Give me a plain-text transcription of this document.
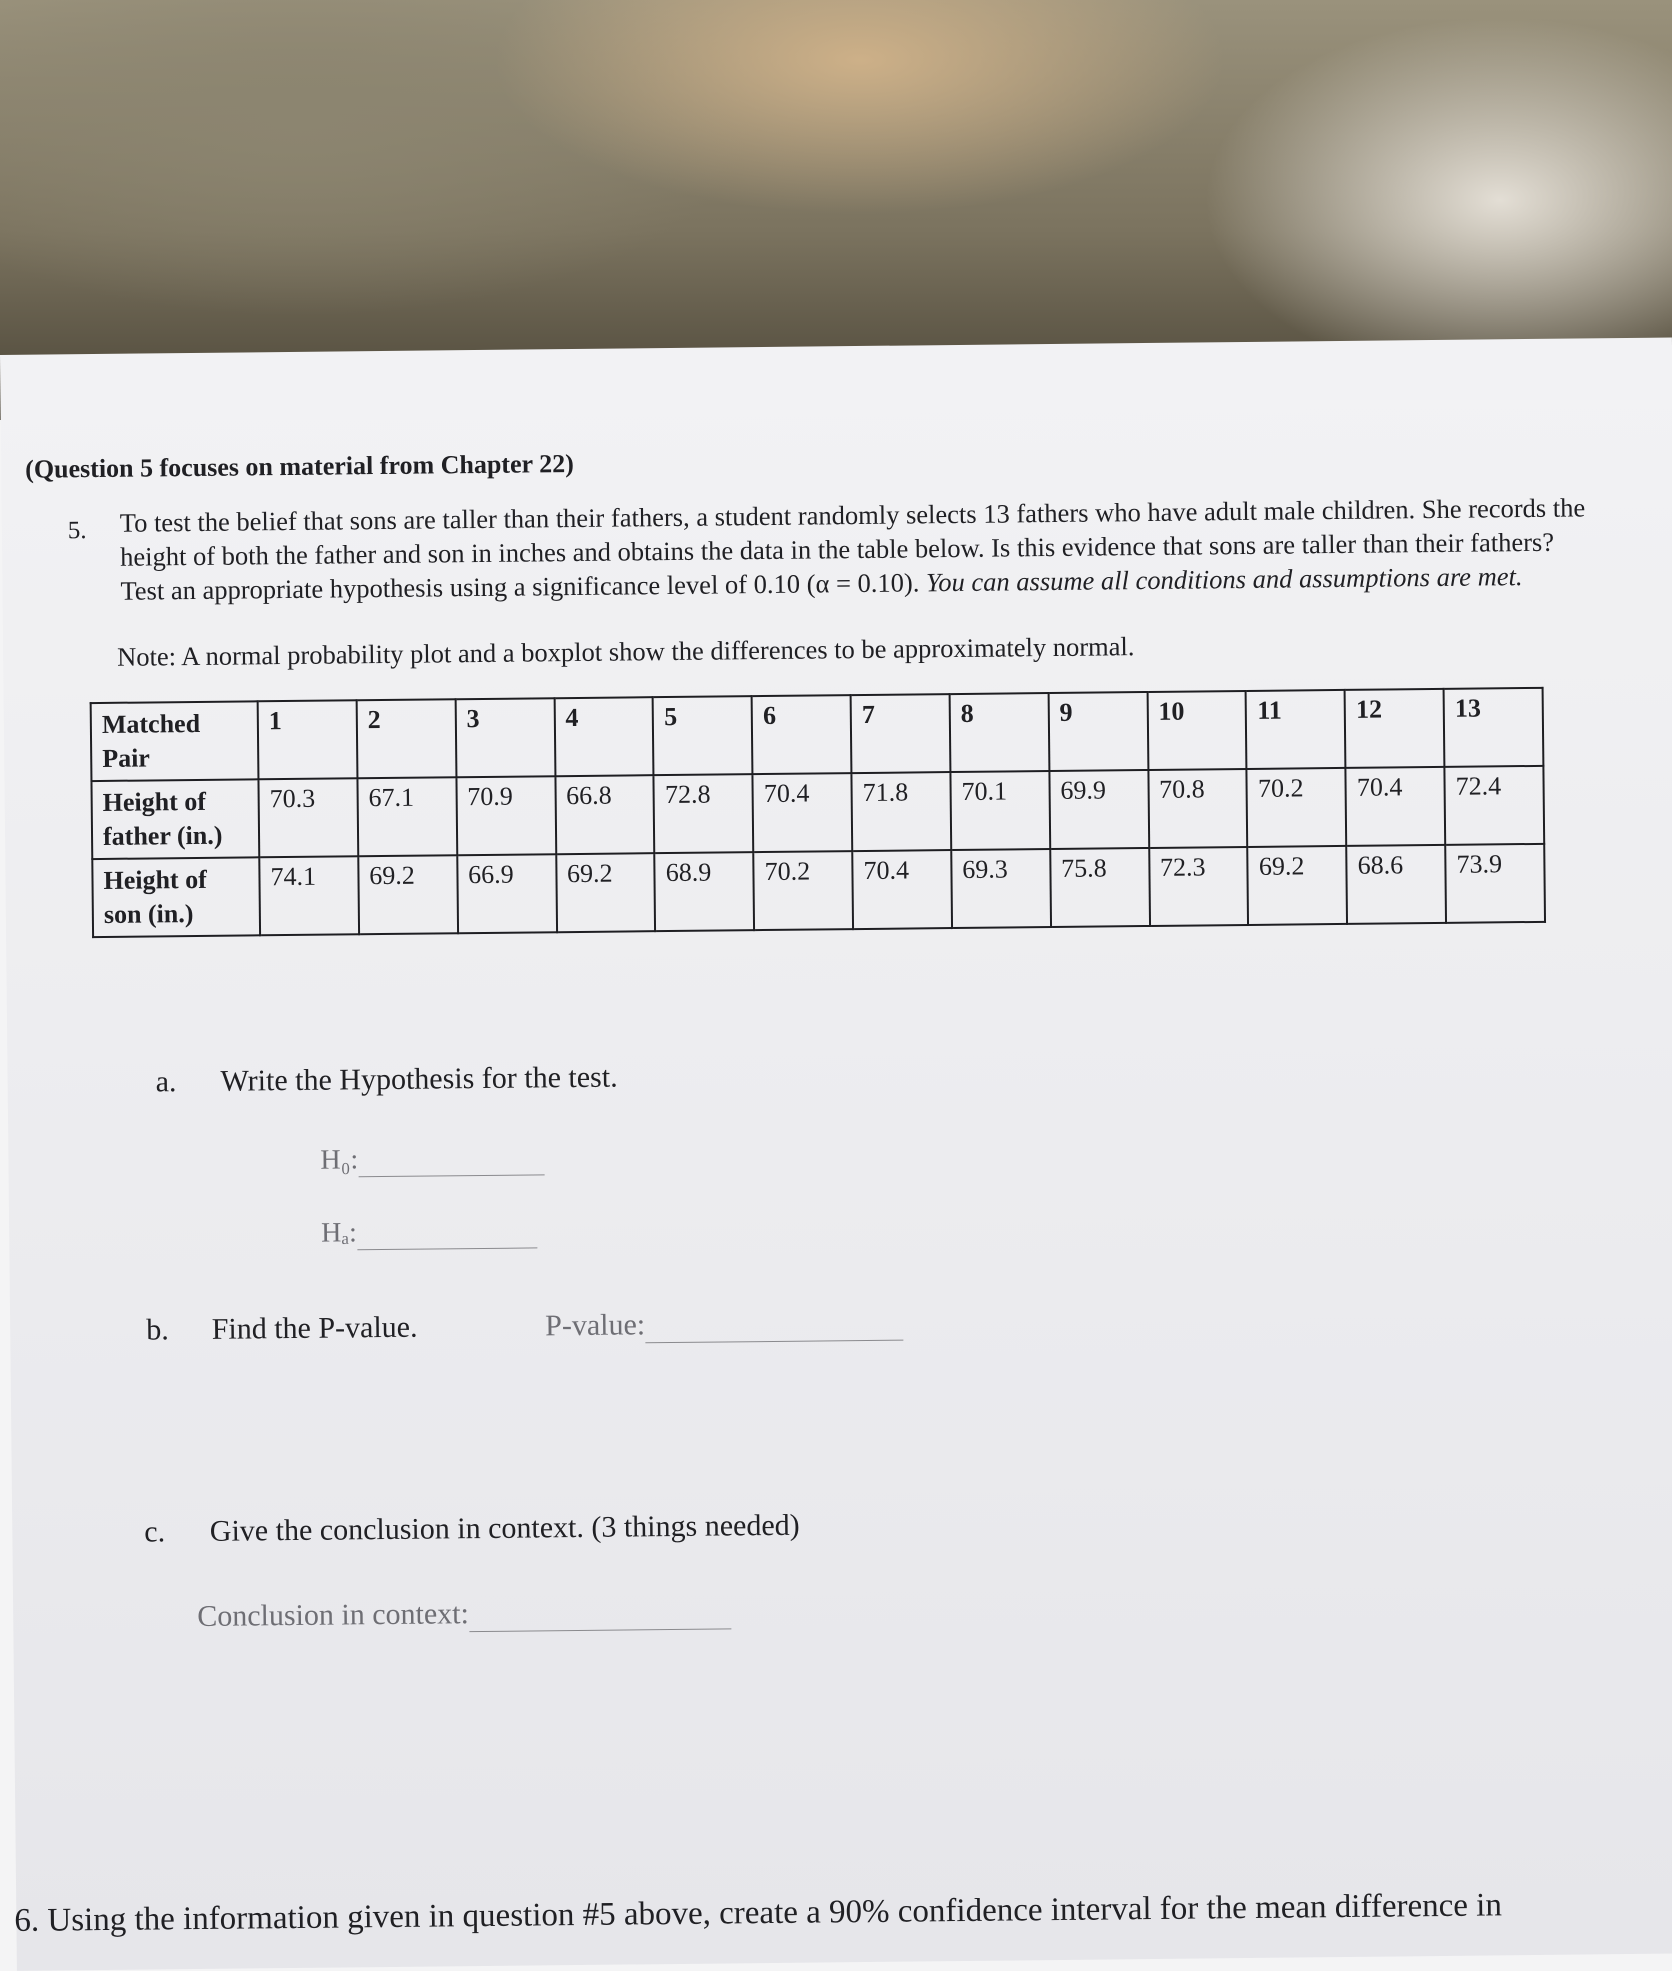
(Question 5 focuses on material from Chapter 22)
5. To test the belief that sons are taller than their fathers, a student randomly selects 13 fathers who have adult male children. She records the height of both the father and son in inches and obtains the data in the table below. Is this evidence that sons are taller than their fathers? Test an appropriate hypothesis using a significance level of 0.10 (α = 0.10). You can assume all conditions and assumptions are met.
Note: A normal probability plot and a boxplot show the differences to be approximately normal.
Matched Pair	1	2	3	4	5	6	7	8	9	10	11	12	13
Height of father (in.)	70.3	67.1	70.9	66.8	72.8	70.4	71.8	70.1	69.9	70.8	70.2	70.4	72.4
Height of son (in.)	74.1	69.2	66.9	69.2	68.9	70.2	70.4	69.3	75.8	72.3	69.2	68.6	73.9
a. Write the Hypothesis for the test.
H₀:
Hₐ:
b. Find the P-value.	P-value:
c. Give the conclusion in context. (3 things needed)
Conclusion in context:
6. Using the information given in question #5 above, create a 90% confidence interval for the mean difference in
